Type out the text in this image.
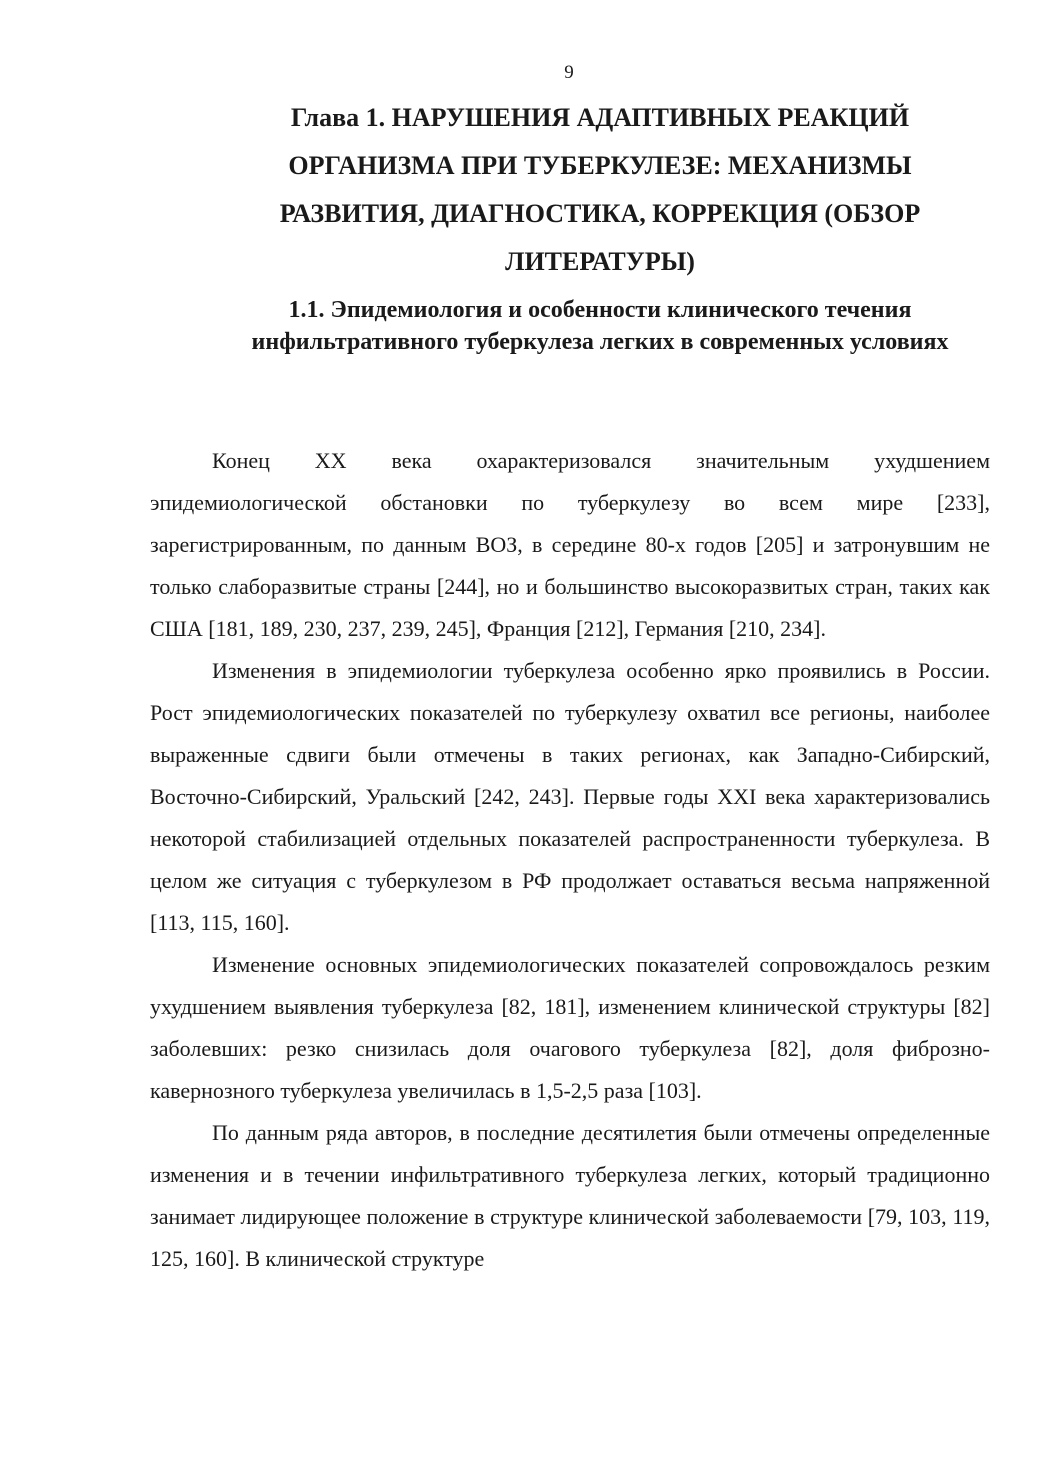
9
Глава 1. НАРУШЕНИЯ АДАПТИВНЫХ РЕАКЦИЙ ОРГАНИЗМА ПРИ ТУБЕРКУЛЕЗЕ: МЕХАНИЗМЫ РАЗВИТИЯ, ДИАГНОСТИКА, КОРРЕКЦИЯ (ОБЗОР ЛИТЕРАТУРЫ)
1.1. Эпидемиология и особенности клинического течения инфильтративного туберкулеза легких в современных условиях

Конец XX века охарактеризовался значительным ухудшением эпидемиологической обстановки по туберкулезу во всем мире [233], зарегистрированным, по данным ВОЗ, в середине 80-х годов [205] и затронувшим не только слаборазвитые страны [244], но и большинство высокоразвитых стран, таких как США [181, 189, 230, 237, 239, 245], Франция [212], Германия [210, 234].

Изменения в эпидемиологии туберкулеза особенно ярко проявились в России. Рост эпидемиологических показателей по туберкулезу охватил все регионы, наиболее выраженные сдвиги были отмечены в таких регионах, как Западно-Сибирский, Восточно-Сибирский, Уральский [242, 243]. Первые годы XXI века характеризовались некоторой стабилизацией отдельных показателей распространенности туберкулеза. В целом же ситуация с туберкулезом в РФ продолжает оставаться весьма напряженной [113, 115, 160].

Изменение основных эпидемиологических показателей сопровождалось резким ухудшением выявления туберкулеза [82, 181], изменением клинической структуры [82] заболевших: резко снизилась доля очагового туберкулеза [82], доля фиброзно-кавернозного туберкулеза увеличилась в 1,5-2,5 раза [103].

По данным ряда авторов, в последние десятилетия были отмечены определенные изменения и в течении инфильтративного туберкулеза легких, который традиционно занимает лидирующее положение в структуре клинической заболеваемости [79, 103, 119, 125, 160]. В клинической структуре
